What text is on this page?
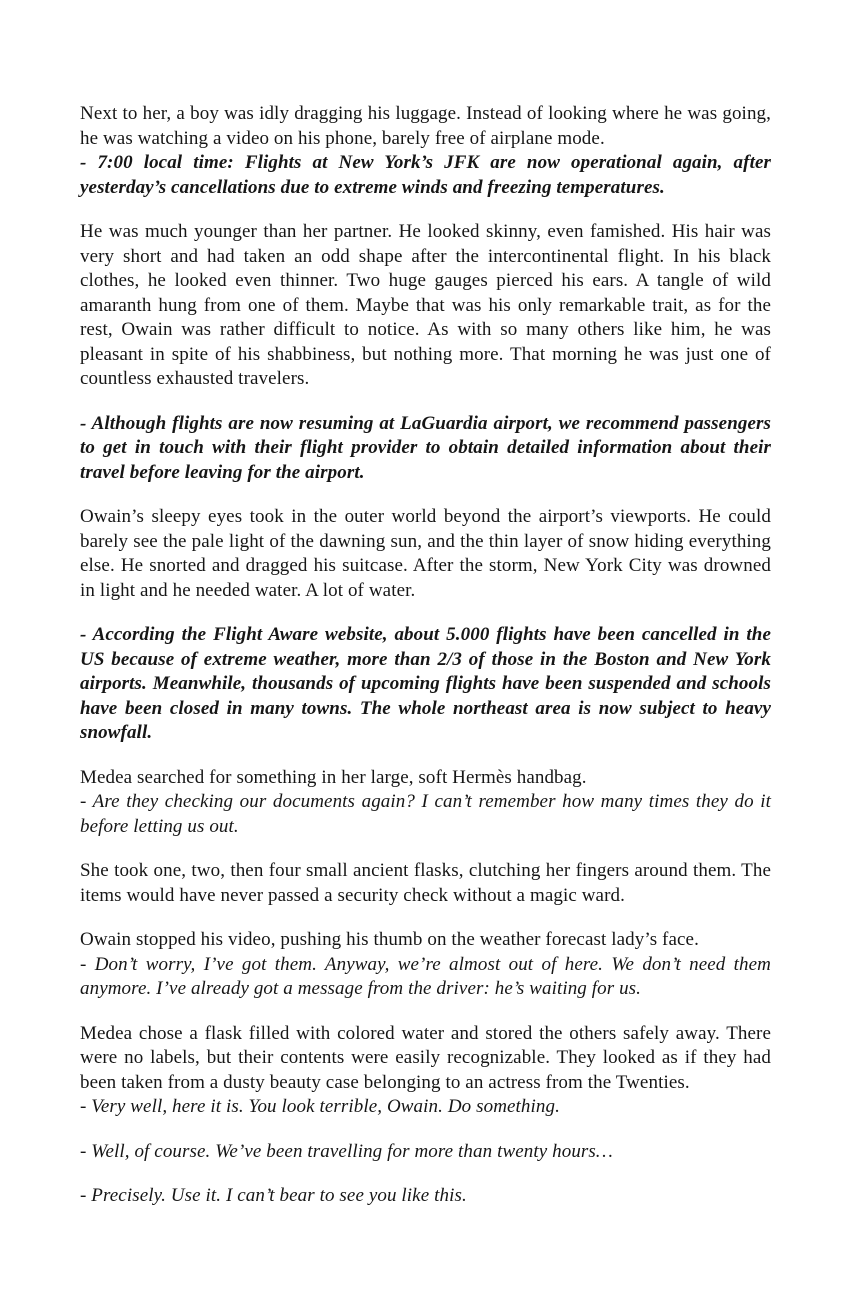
Next to her, a boy was idly dragging his luggage. Instead of looking where he was going, he was watching a video on his phone, barely free of airplane mode.

- 7:00 local time: Flights at New York’s JFK are now operational again, after yesterday’s cancellations due to extreme winds and freezing temperatures.

He was much younger than her partner. He looked skinny, even famished. His hair was very short and had taken an odd shape after the intercontinental flight. In his black clothes, he looked even thinner. Two huge gauges pierced his ears. A tangle of wild amaranth hung from one of them. Maybe that was his only remarkable trait, as for the rest, Owain was rather difficult to notice. As with so many others like him, he was pleasant in spite of his shabbiness, but nothing more. That morning he was just one of countless exhausted travelers.

- Although flights are now resuming at LaGuardia airport, we recommend passengers to get in touch with their flight provider to obtain detailed information about their travel before leaving for the airport.

Owain’s sleepy eyes took in the outer world beyond the airport’s viewports. He could barely see the pale light of the dawning sun, and the thin layer of snow hiding everything else. He snorted and dragged his suitcase. After the storm, New York City was drowned in light and he needed water. A lot of water.

- According the Flight Aware website, about 5.000 flights have been cancelled in the US because of extreme weather, more than 2/3 of those in the Boston and New York airports. Meanwhile, thousands of upcoming flights have been suspended and schools have been closed in many towns. The whole northeast area is now subject to heavy snowfall.

Medea searched for something in her large, soft Hermès handbag.

- Are they checking our documents again? I can’t remember how many times they do it before letting us out.

She took one, two, then four small ancient flasks, clutching her fingers around them. The items would have never passed a security check without a magic ward.

Owain stopped his video, pushing his thumb on the weather forecast lady’s face.

- Don’t worry, I’ve got them. Anyway, we’re almost out of here. We don’t need them anymore. I’ve already got a message from the driver: he’s waiting for us.

Medea chose a flask filled with colored water and stored the others safely away. There were no labels, but their contents were easily recognizable. They looked as if they had been taken from a dusty beauty case belonging to an actress from the Twenties.

- Very well, here it is. You look terrible, Owain. Do something.

- Well, of course. We’ve been travelling for more than twenty hours…

- Precisely. Use it. I can’t bear to see you like this.
